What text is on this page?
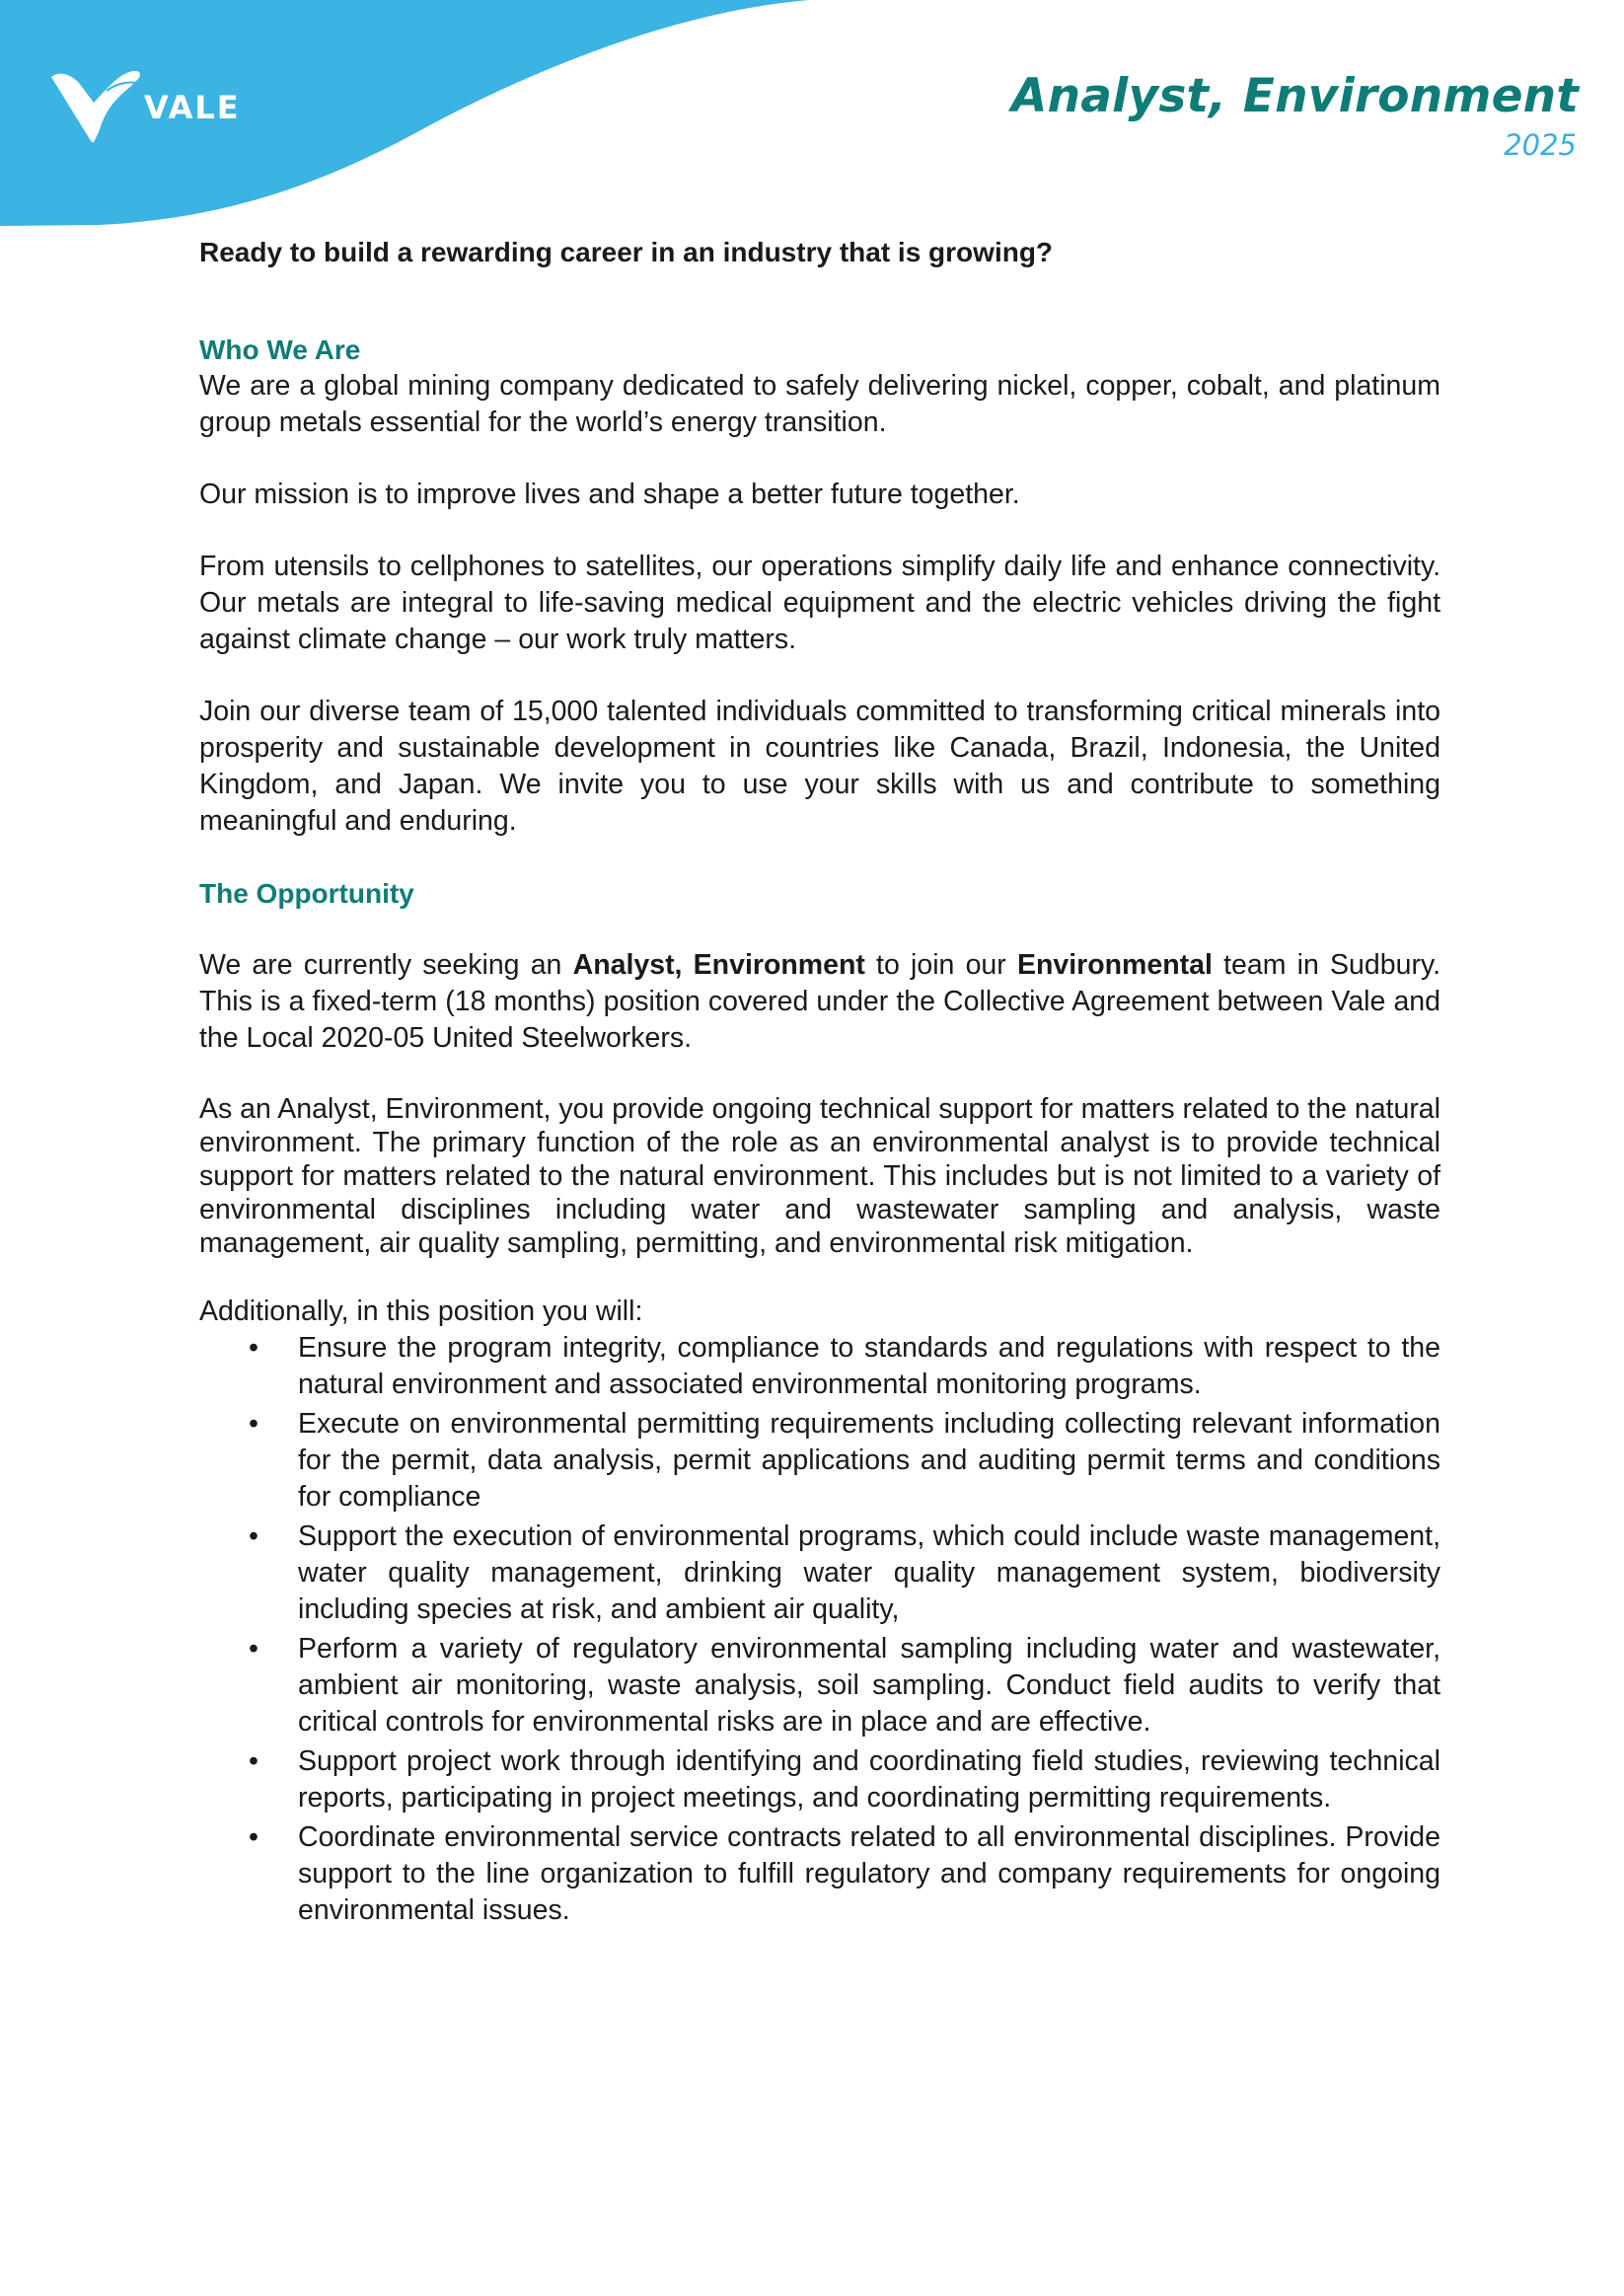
VALE	Analyst, Environment
2025

Ready to build a rewarding career in an industry that is growing?

Who We Are

We are a global mining company dedicated to safely delivering nickel, copper, cobalt, and platinum group metals essential for the world’s energy transition.

Our mission is to improve lives and shape a better future together.

From utensils to cellphones to satellites, our operations simplify daily life and enhance connectivity. Our metals are integral to life-saving medical equipment and the electric vehicles driving the fight against climate change – our work truly matters.

Join our diverse team of 15,000 talented individuals committed to transforming critical minerals into prosperity and sustainable development in countries like Canada, Brazil, Indonesia, the United Kingdom, and Japan. We invite you to use your skills with us and contribute to something meaningful and enduring.

The Opportunity

We are currently seeking an Analyst, Environment to join our Environmental team in Sudbury. This is a fixed-term (18 months) position covered under the Collective Agreement between Vale and the Local 2020-05 United Steelworkers.

As an Analyst, Environment, you provide ongoing technical support for matters related to the natural environment. The primary function of the role as an environmental analyst is to provide technical support for matters related to the natural environment. This includes but is not limited to a variety of environmental disciplines including water and wastewater sampling and analysis, waste management, air quality sampling, permitting, and environmental risk mitigation.

Additionally, in this position you will:

• Ensure the program integrity, compliance to standards and regulations with respect to the natural environment and associated environmental monitoring programs.
• Execute on environmental permitting requirements including collecting relevant information for the permit, data analysis, permit applications and auditing permit terms and conditions for compliance
• Support the execution of environmental programs, which could include waste management, water quality management, drinking water quality management system, biodiversity including species at risk, and ambient air quality,
• Perform a variety of regulatory environmental sampling including water and wastewater, ambient air monitoring, waste analysis, soil sampling. Conduct field audits to verify that critical controls for environmental risks are in place and are effective.
• Support project work through identifying and coordinating field studies, reviewing technical reports, participating in project meetings, and coordinating permitting requirements.
• Coordinate environmental service contracts related to all environmental disciplines. Provide support to the line organization to fulfill regulatory and company requirements for ongoing environmental issues.
